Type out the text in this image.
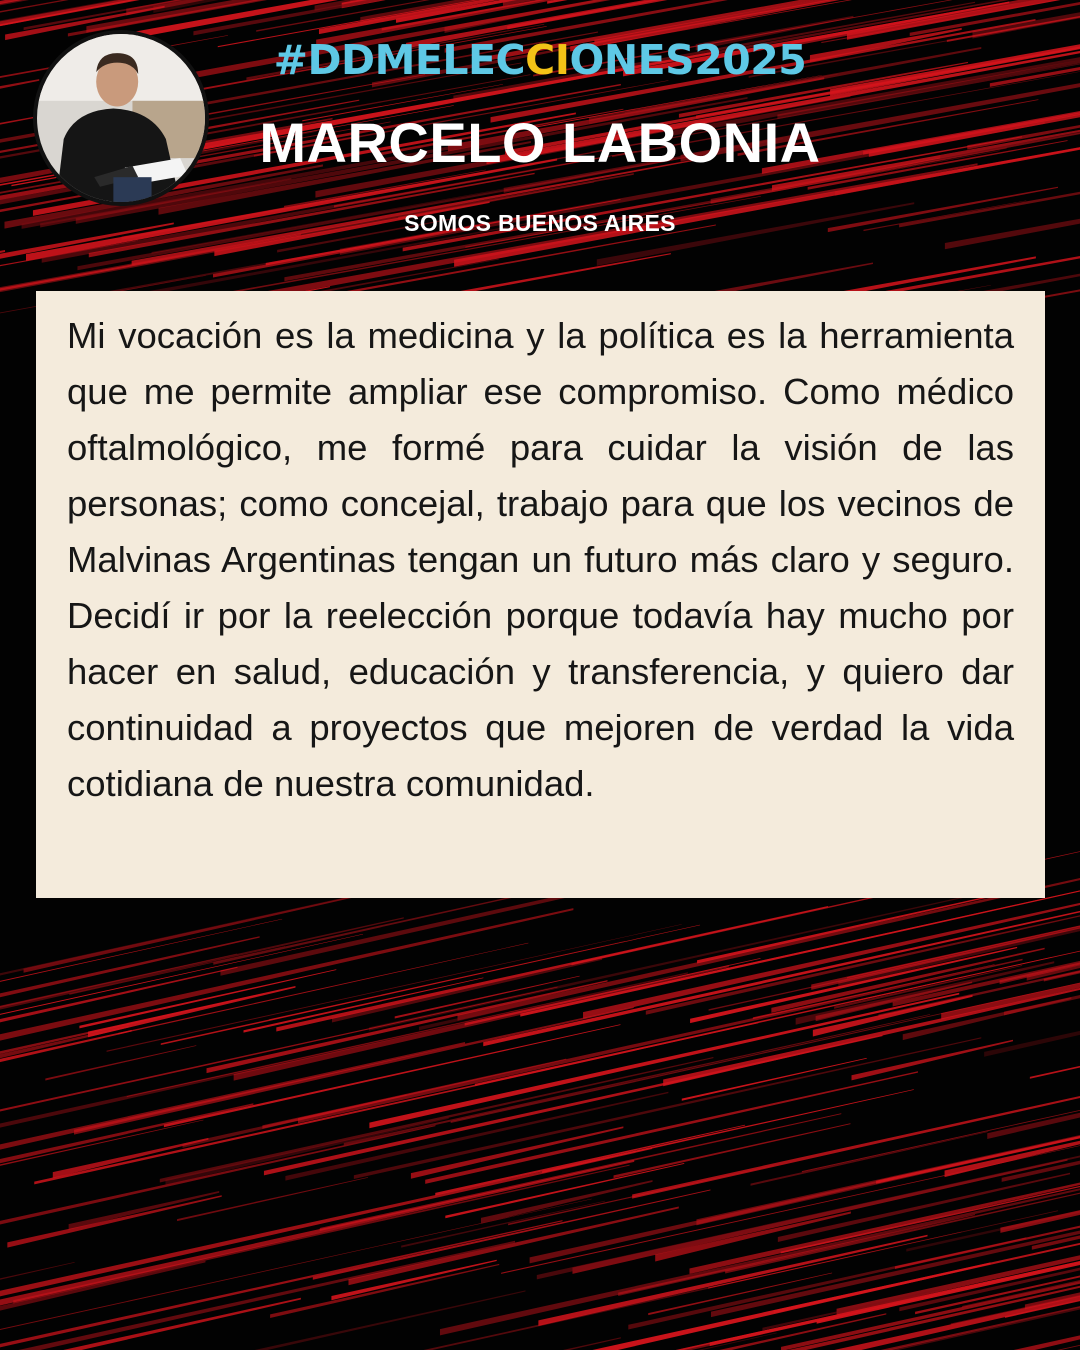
#DDMELECCIONES2025
MARCELO LABONIA
SOMOS BUENOS AIRES

Mi vocación es la medicina y la política es la herramienta que me permite ampliar ese compromiso. Como médico oftalmológico, me formé para cuidar la visión de las personas; como concejal, trabajo para que los vecinos de Malvinas Argentinas tengan un futuro más claro y seguro. Decidí ir por la reelección porque todavía hay mucho por hacer en salud, educación y transferencia, y quiero dar continuidad a proyectos que mejoren de verdad la vida cotidiana de nuestra comunidad.
